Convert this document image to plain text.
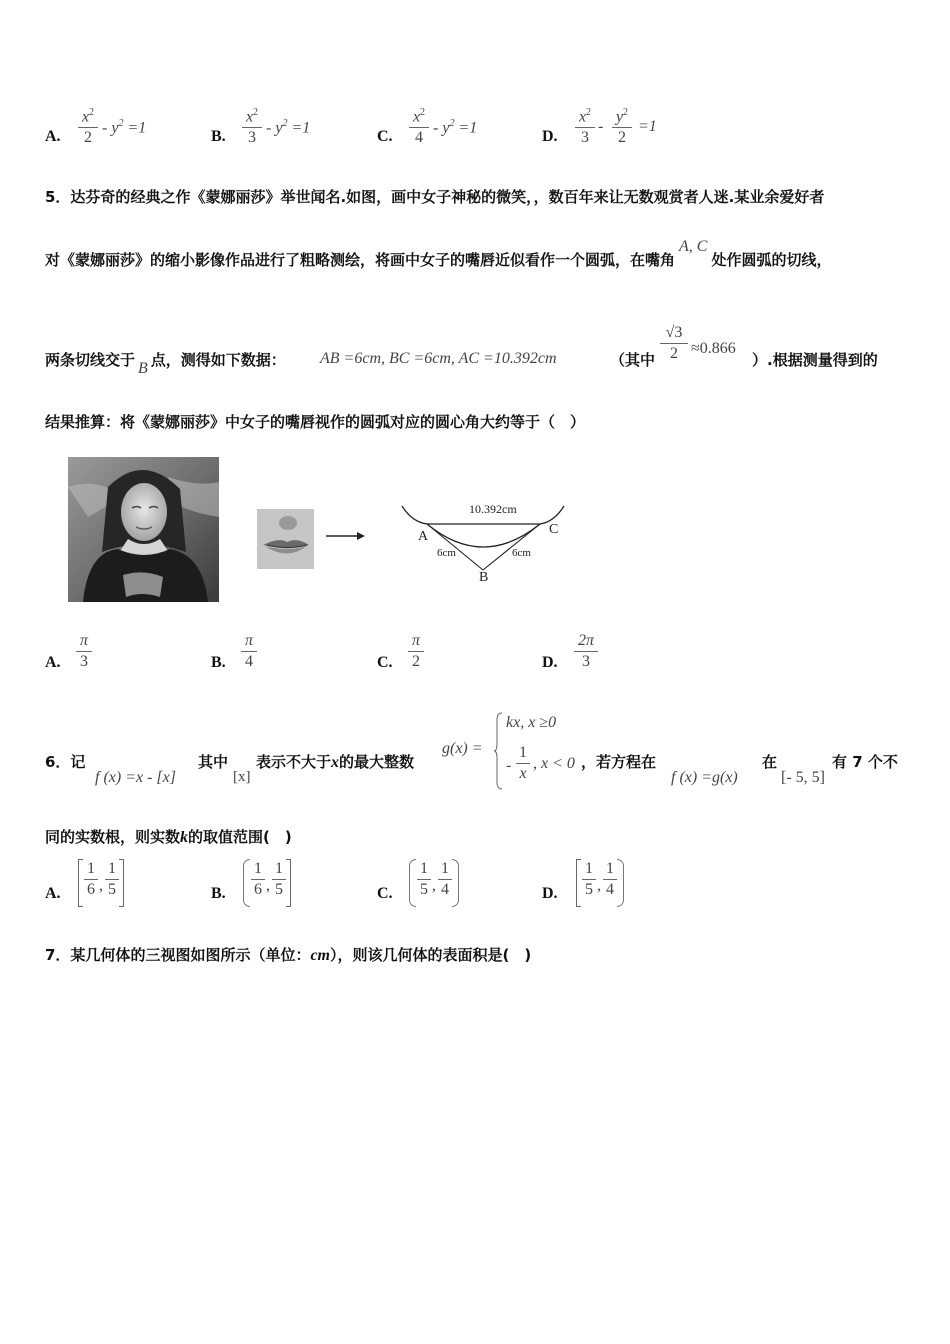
A.
$x^2$
2
- $y^2 =1$
B.
$x^2$
3
- $y^2 =1$
C.
$x^2$
4
- $y^2 =1$
D.
$x^2$
3
-
$y^2$
2
=1
5．达芬奇的经典之作《蒙娜丽莎》举世闻名.如图，画中女子神秘的微笑，，数百年来让无数观赏者人迷.某业余爱好者
对《蒙娜丽莎》的缩小影像作品进行了粗略测绘，将画中女子的嘴唇近似看作一个圆弧，在嘴角A, C处作圆弧的切线，
两条切线交于 B 点，测得如下数据： AB =6cm, BC =6cm, AC =10.392cm	（其中
√3
2 ≈0.866
）.根据测量得到的
结果推算：将《蒙娜丽莎》中女子的嘴唇视作的圆弧对应的圆心角大约等于（　）
10.392cm
A	C
B
6cm	6cm
A.
π
3	B.
π
4	C.
π
2	D.
2π
3
6．记
f (x) =x - [x]
其中
[x]
表示不大于x的最大整数
g(x) =
kx, x ≥0
-
1
x
, x < 0 ，若方程在
f (x) =g(x)
在
[- 5, 5]
有 7 个不
同的实数根，则实数k的取值范围(　)
A.
1
6 ,
1
5	B.
1
6 ,
1
5	C.
1
5 ,
1
4	D.
1
5 ,
1
4
7．某几何体的三视图如图所示（单位：cm），则该几何体的表面积是(　)
